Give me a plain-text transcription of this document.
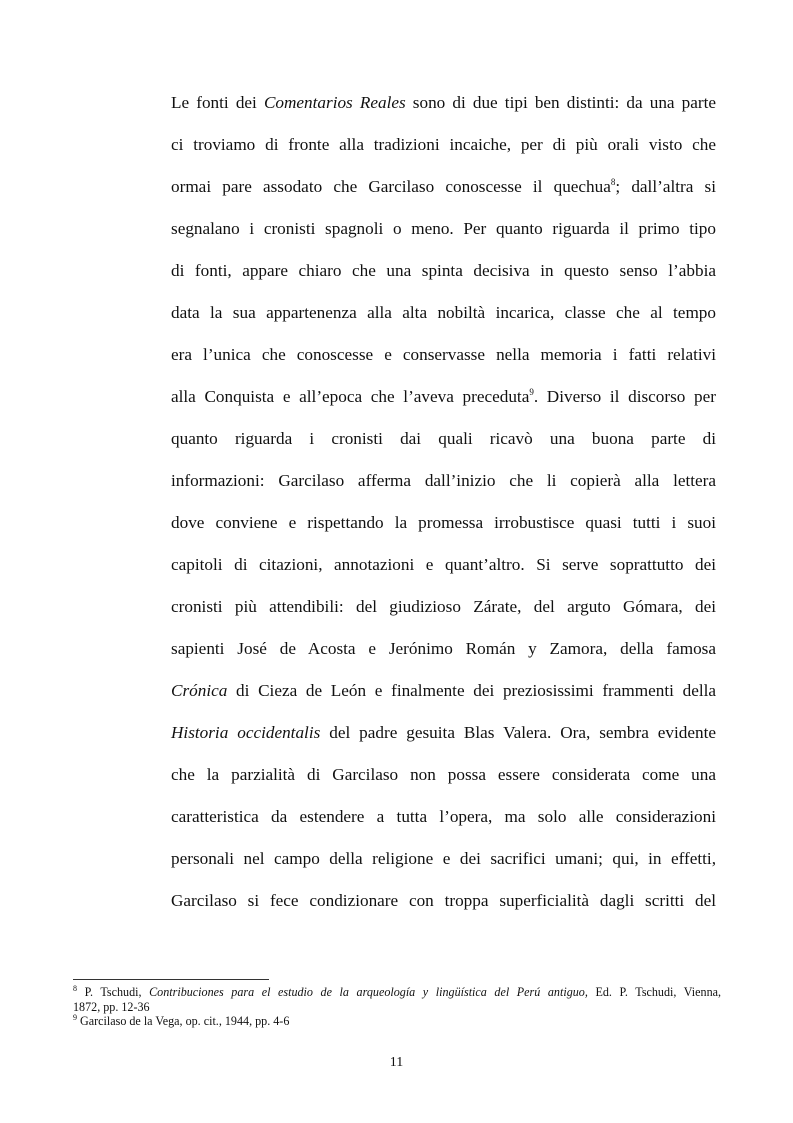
Le fonti dei Comentarios Reales sono di due tipi ben distinti: da una parte
ci troviamo di fronte alla tradizioni incaiche, per di più orali visto che
ormai pare assodato che Garcilaso conoscesse il quechua$^8$; dall’altra si
segnalano i cronisti spagnoli o meno. Per quanto riguarda il primo tipo
di fonti, appare chiaro che una spinta decisiva in questo senso l’abbia
data la sua appartenenza alla alta nobiltà incarica, classe che al tempo
era l’unica che conoscesse e conservasse nella memoria i fatti relativi
alla Conquista e all’epoca che l’aveva preceduta$^9$. Diverso il discorso per
quanto riguarda i cronisti dai quali ricavò una buona parte di
informazioni: Garcilaso afferma dall’inizio che li copierà alla lettera
dove conviene e rispettando la promessa irrobustisce quasi tutti i suoi
capitoli di citazioni, annotazioni e quant’altro. Si serve soprattutto dei
cronisti più attendibili: del giudizioso Zárate, del arguto Gómara, dei
sapienti José de Acosta e Jerónimo Román y Zamora, della famosa
Crónica di Cieza de León e finalmente dei preziosissimi frammenti della
Historia occidentalis del padre gesuita Blas Valera. Ora, sembra evidente
che la parzialità di Garcilaso non possa essere considerata come una
caratteristica da estendere a tutta l’opera, ma solo alle considerazioni
personali nel campo della religione e dei sacrifici umani; qui, in effetti,
Garcilaso si fece condizionare con troppa superficialità dagli scritti del
$^8$ P. Tschudi, Contribuciones para el estudio de la arqueología y lingüística del Perú antiguo, Ed. P. Tschudi, Vienna,
1872, pp. 12-36
$^9$ Garcilaso de la Vega, op. cit., 1944, pp. 4-6
11
